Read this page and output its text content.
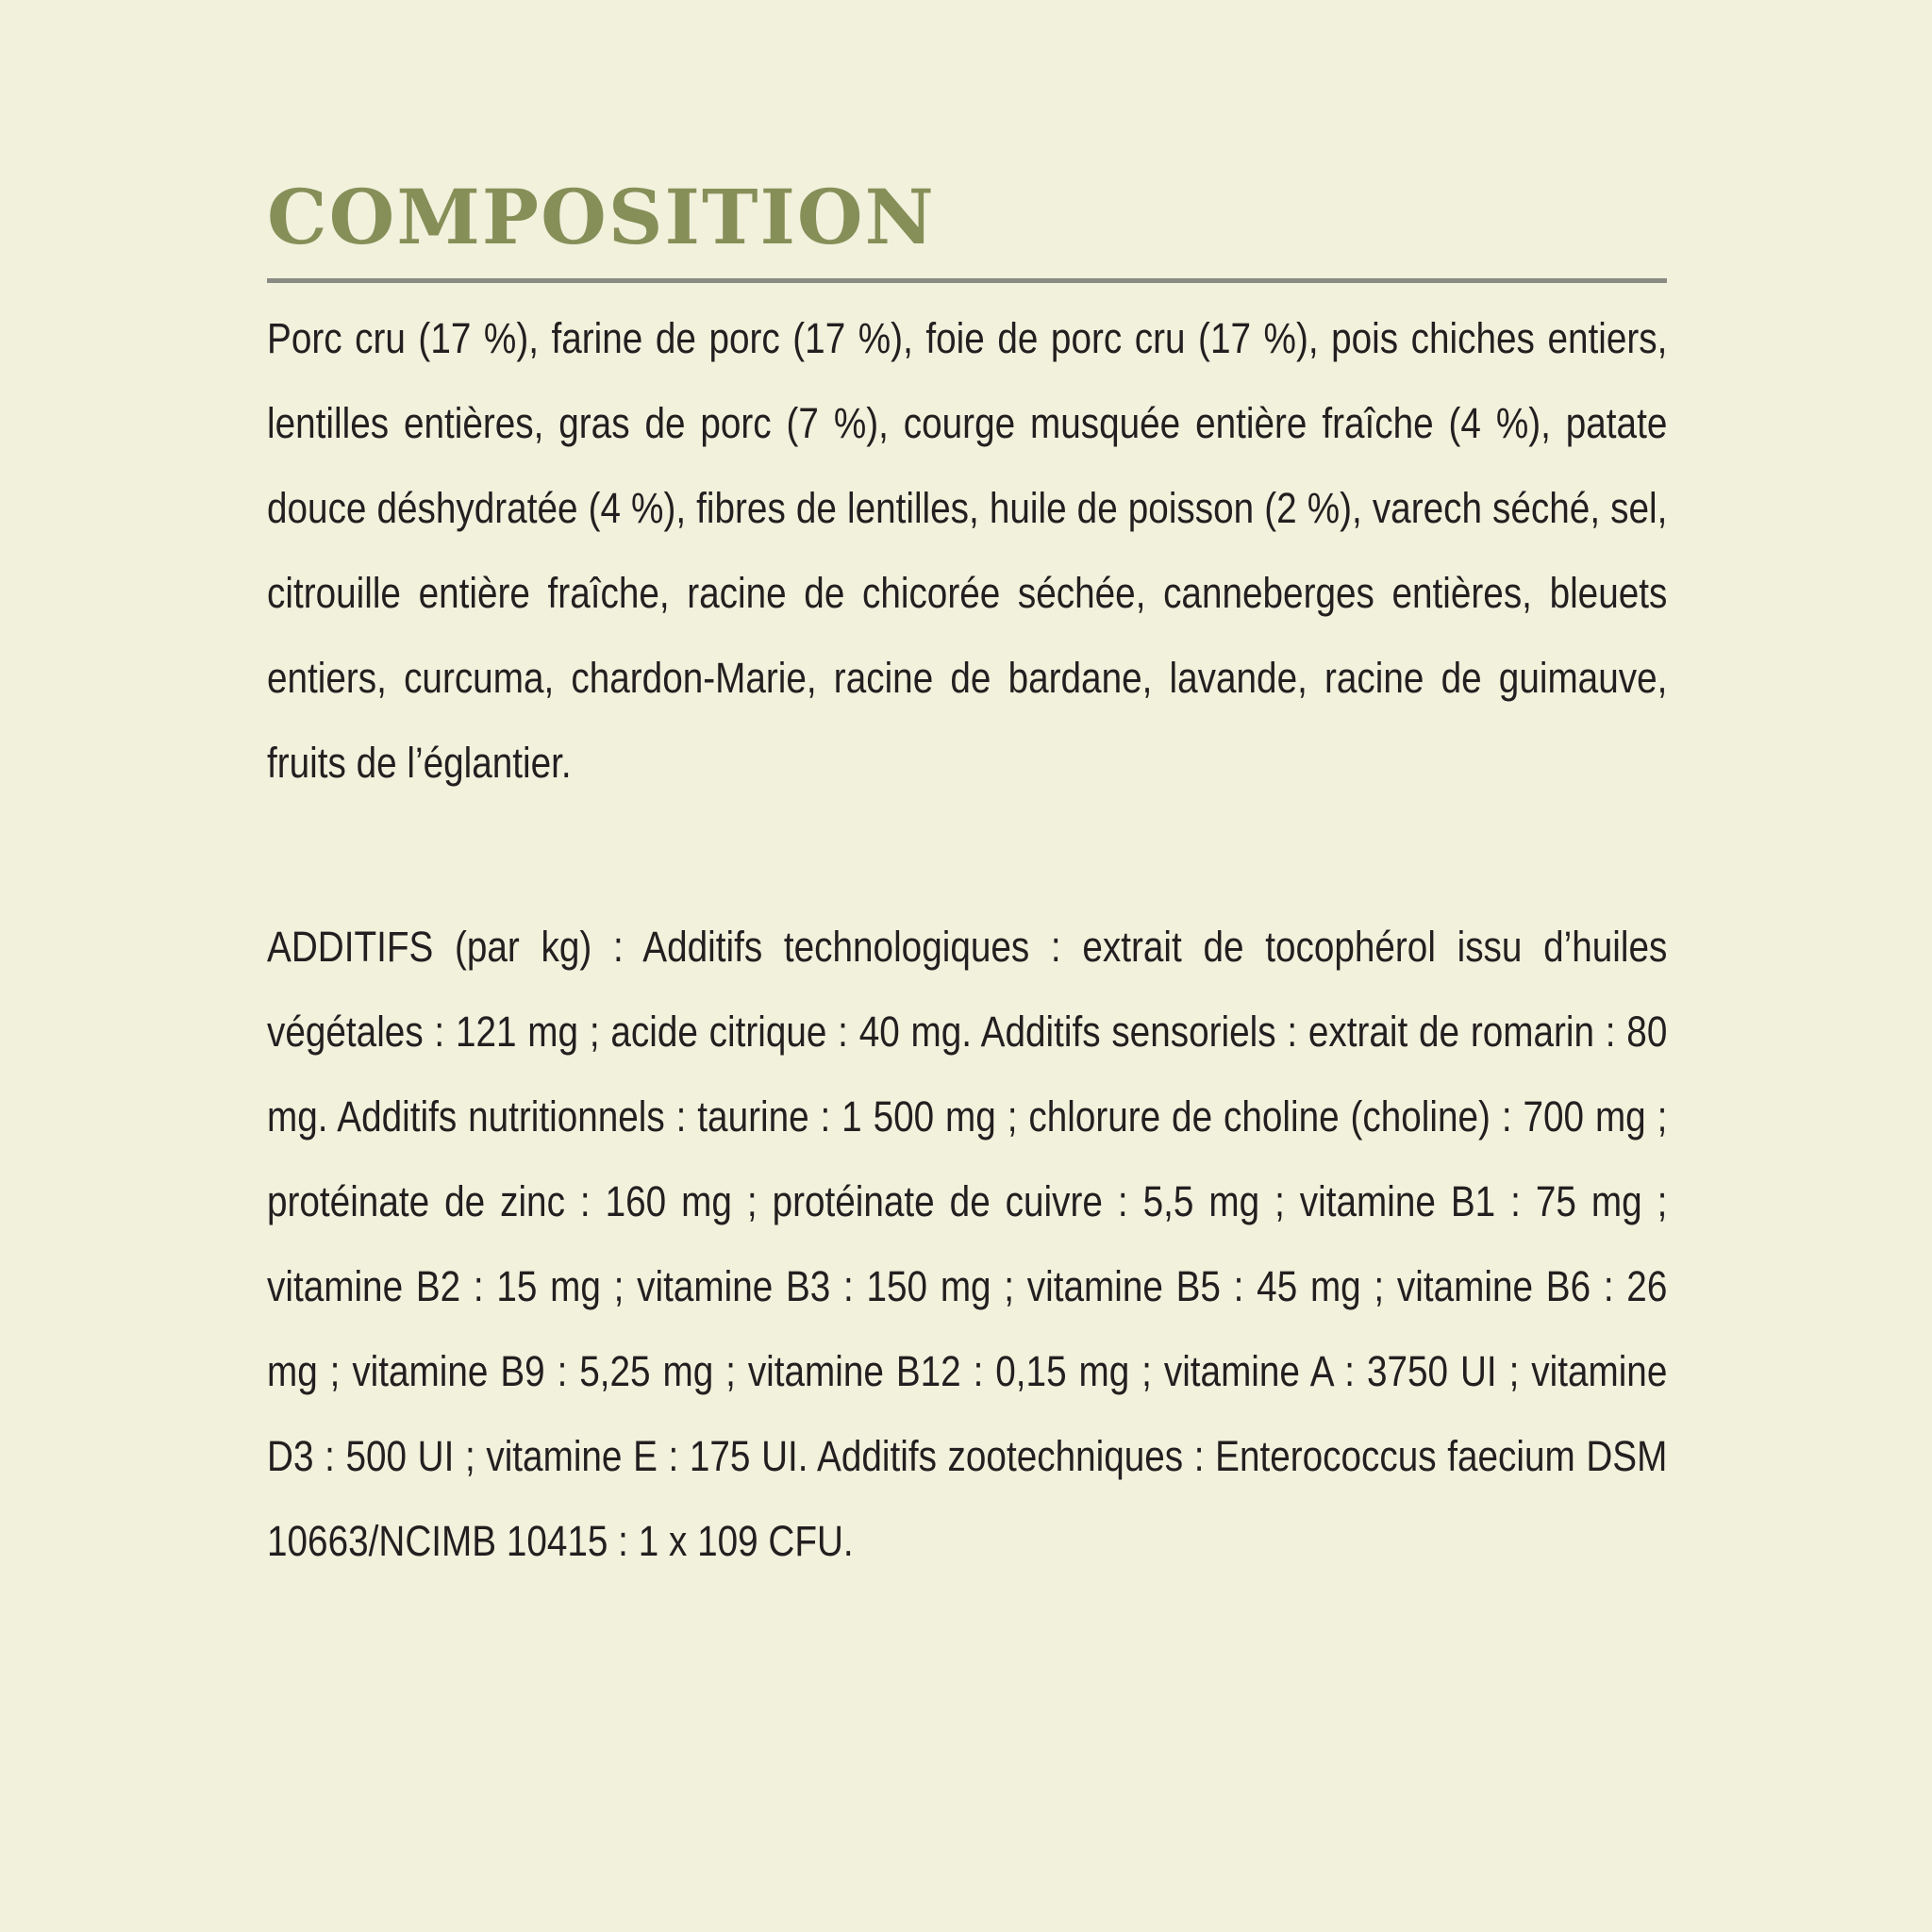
COMPOSITION

Porc cru (17 %), farine de porc (17 %), foie de porc cru (17 %), pois chiches entiers, lentilles entières, gras de porc (7 %), courge musquée entière fraîche (4 %), patate douce déshydratée (4 %), fibres de lentilles, huile de poisson (2 %), varech séché, sel, citrouille entière fraîche, racine de chicorée séchée, canneberges entières, bleuets entiers, curcuma, chardon-Marie, racine de bardane, lavande, racine de guimauve, fruits de l’églantier.

ADDITIFS (par kg) : Additifs technologiques : extrait de tocophérol issu d’huiles végétales : 121 mg ; acide citrique : 40 mg. Additifs sensoriels : extrait de romarin : 80 mg. Additifs nutritionnels : taurine : 1 500 mg ; chlorure de choline (choline) : 700 mg ; protéinate de zinc : 160 mg ; protéinate de cuivre : 5,5 mg ; vitamine B1 : 75 mg ; vitamine B2 : 15 mg ; vitamine B3 : 150 mg ; vitamine B5 : 45 mg ; vitamine B6 : 26 mg ; vitamine B9 : 5,25 mg ; vitamine B12 : 0,15 mg ; vitamine A : 3750 UI ; vitamine D3 : 500 UI ; vitamine E : 175 UI. Additifs zootechniques : Enterococcus faecium DSM 10663/NCIMB 10415 : 1 x 109 CFU.
